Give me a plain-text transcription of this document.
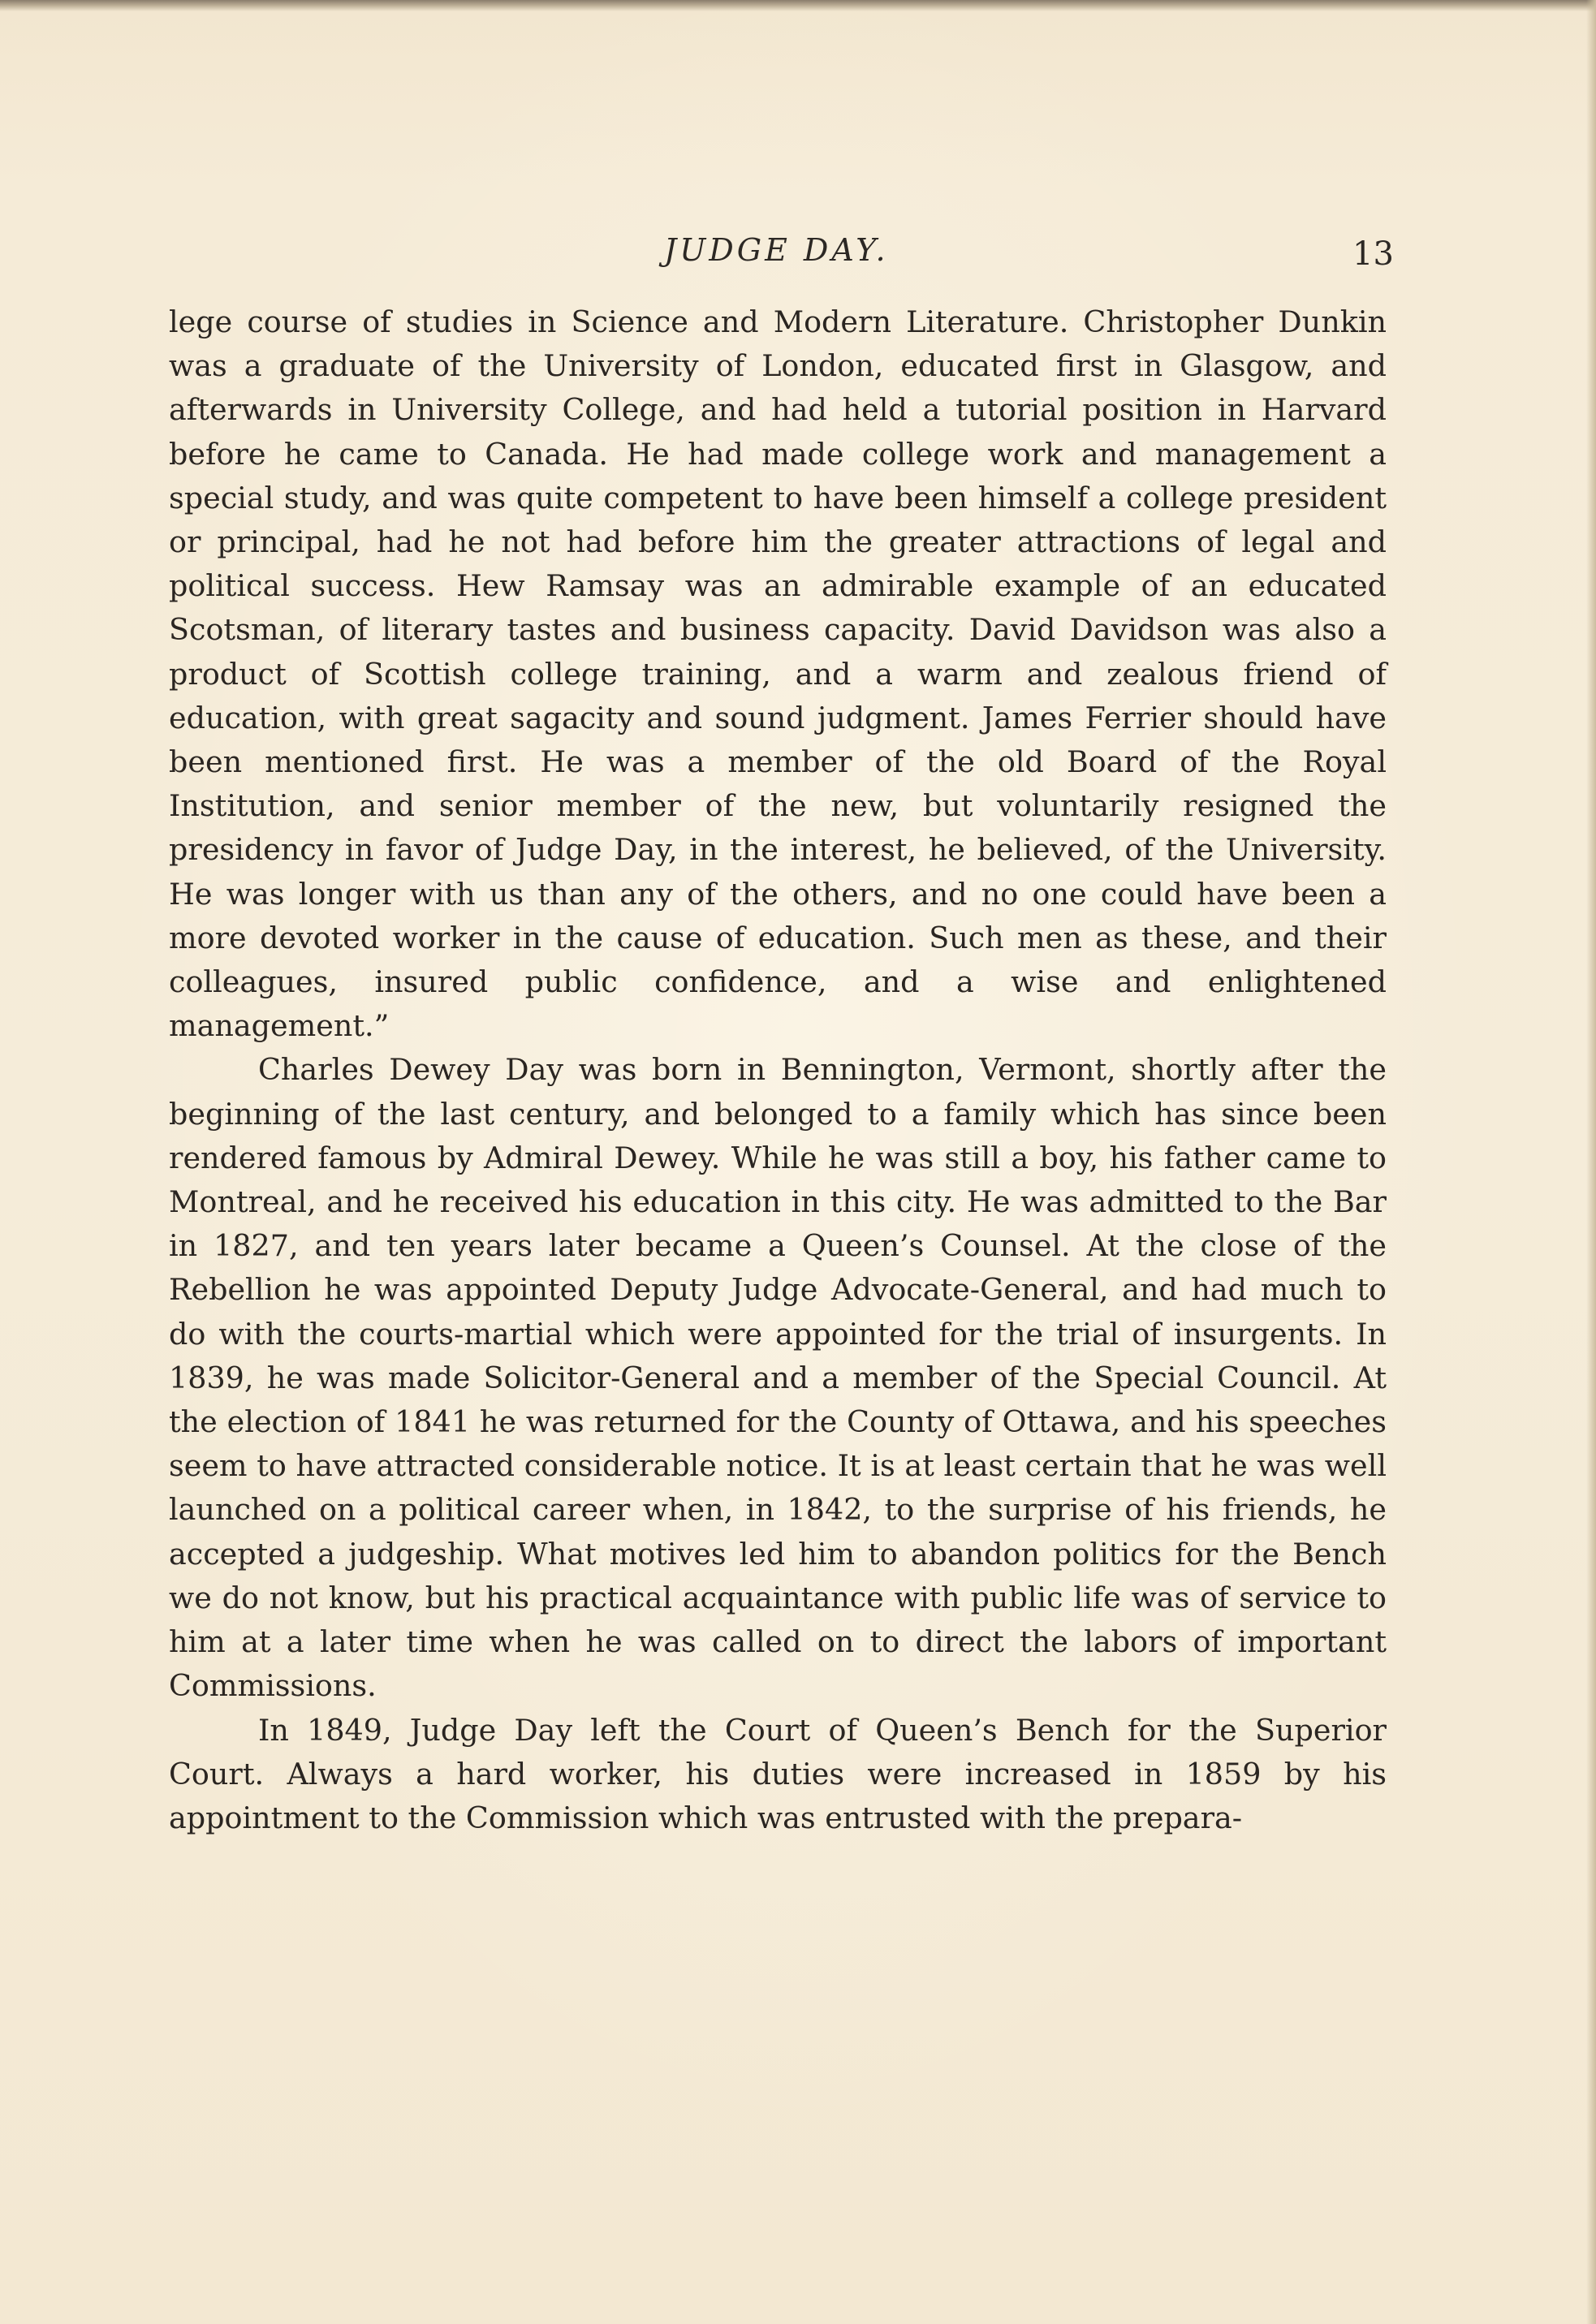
JUDGE DAY.	13

lege course of studies in Science and Modern Literature. Christopher Dunkin was a graduate of the University of London, educated first in Glasgow, and afterwards in University College, and had held a tutorial position in Harvard before he came to Canada. He had made college work and management a special study, and was quite competent to have been himself a college president or principal, had he not had before him the greater attractions of legal and political success. Hew Ramsay was an admirable example of an educated Scotsman, of literary tastes and business capacity. David Davidson was also a product of Scottish college training, and a warm and zealous friend of education, with great sagacity and sound judgment. James Ferrier should have been mentioned first. He was a member of the old Board of the Royal Institution, and senior member of the new, but voluntarily resigned the presidency in favor of Judge Day, in the interest, he believed, of the University. He was longer with us than any of the others, and no one could have been a more devoted worker in the cause of education. Such men as these, and their colleagues, insured public confidence, and a wise and enlightened management.”

Charles Dewey Day was born in Bennington, Vermont, shortly after the beginning of the last century, and belonged to a family which has since been rendered famous by Admiral Dewey. While he was still a boy, his father came to Montreal, and he received his education in this city. He was admitted to the Bar in 1827, and ten years later became a Queen’s Counsel. At the close of the Rebellion he was appointed Deputy Judge Advocate-General, and had much to do with the courts-martial which were appointed for the trial of insurgents. In 1839, he was made Solicitor-General and a member of the Special Council. At the election of 1841 he was returned for the County of Ottawa, and his speeches seem to have attracted considerable notice. It is at least certain that he was well launched on a political career when, in 1842, to the surprise of his friends, he accepted a judgeship. What motives led him to abandon politics for the Bench we do not know, but his practical acquaintance with public life was of service to him at a later time when he was called on to direct the labors of important Commissions.

In 1849, Judge Day left the Court of Queen’s Bench for the Superior Court. Always a hard worker, his duties were increased in 1859 by his appointment to the Commission which was entrusted with the prepara-
